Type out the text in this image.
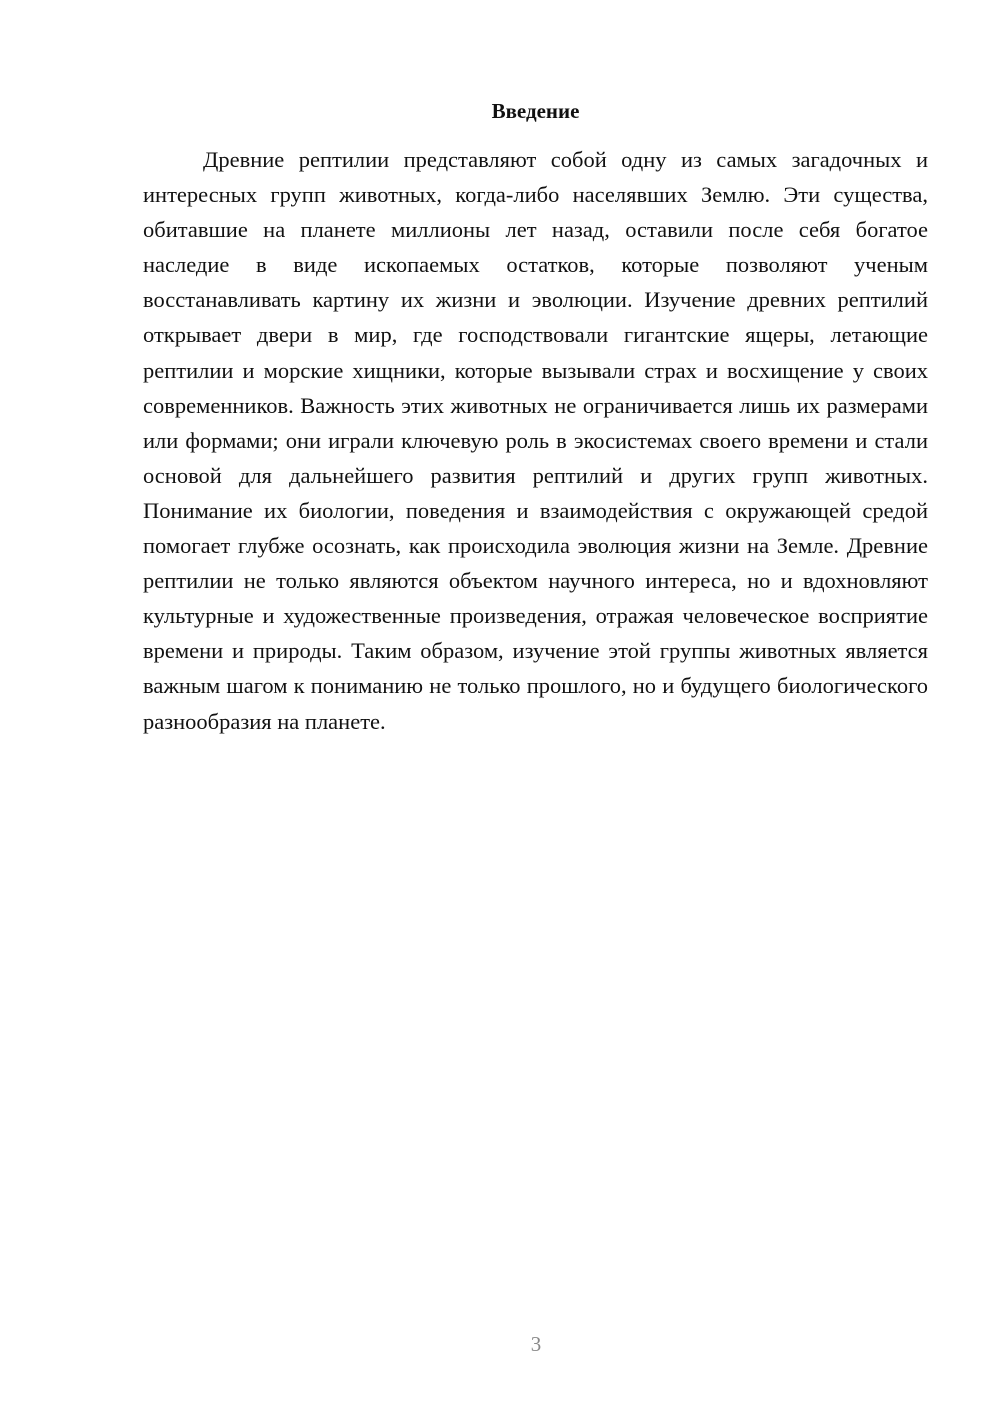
Введение

Древние рептилии представляют собой одну из самых загадочных и интересных групп животных, когда-либо населявших Землю. Эти существа, обитавшие на планете миллионы лет назад, оставили после себя богатое наследие в виде ископаемых остатков, которые позволяют ученым восстанавливать картину их жизни и эволюции. Изучение древних рептилий открывает двери в мир, где господствовали гигантские ящеры, летающие рептилии и морские хищники, которые вызывали страх и восхищение у своих современников. Важность этих животных не ограничивается лишь их размерами или формами; они играли ключевую роль в экосистемах своего времени и стали основой для дальнейшего развития рептилий и других групп животных. Понимание их биологии, поведения и взаимодействия с окружающей средой помогает глубже осознать, как происходила эволюция жизни на Земле. Древние рептилии не только являются объектом научного интереса, но и вдохновляют культурные и художественные произведения, отражая человеческое восприятие времени и природы. Таким образом, изучение этой группы животных является важным шагом к пониманию не только прошлого, но и будущего биологического разнообразия на планете.

3
